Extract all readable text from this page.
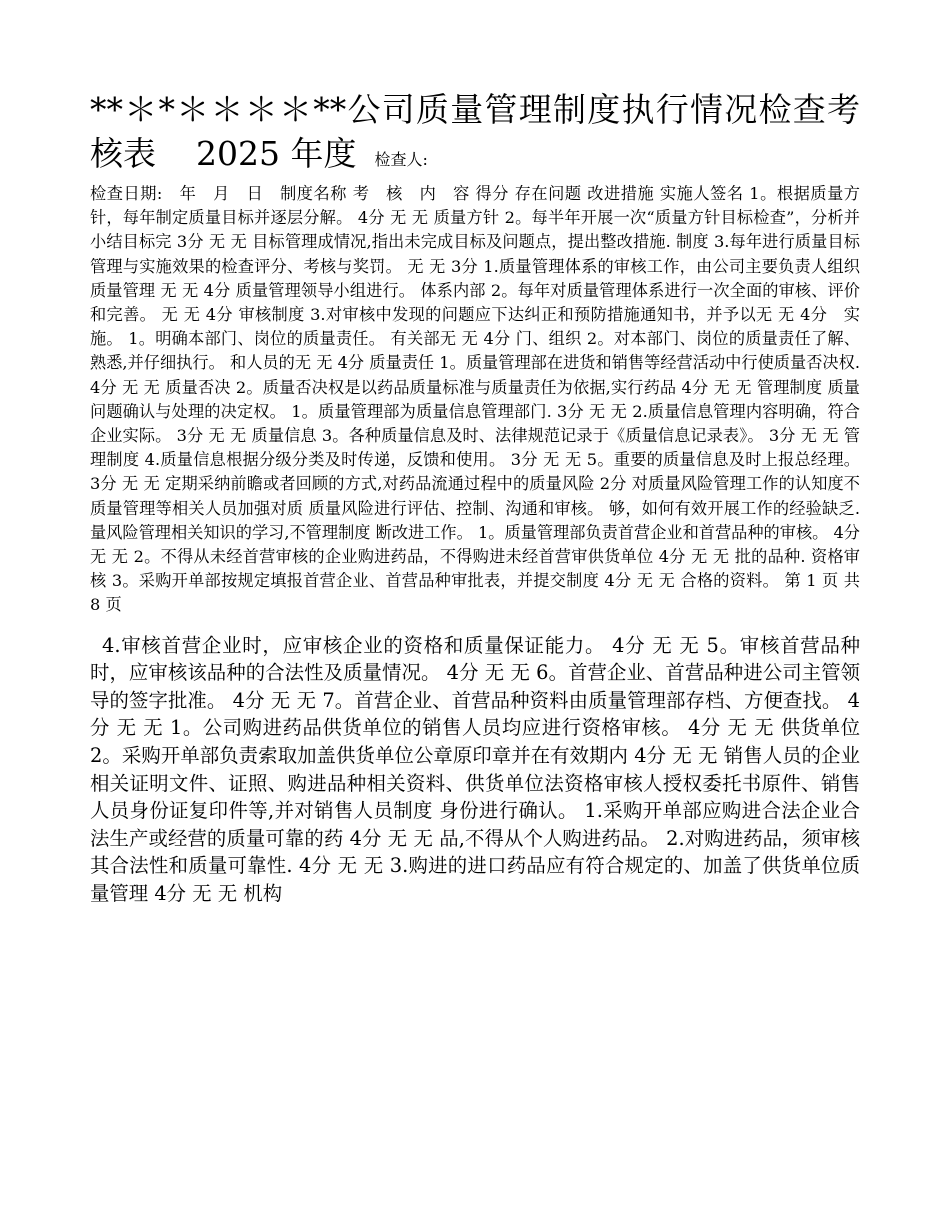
**＊*＊＊＊＊**公司质量管理制度执行情况检查考核表 2025 年度 检查人:

检查日期:　年　月　日　制度名称 考　核　内　容 得分 存在问题 改进措施 实施人签名 1。根据质量方针，每年制定质量目标并逐层分解。 4分 无 无 质量方针 2。每半年开展一次“质量方针目标检查”，分析并小结目标完 3分 无 无 目标管理成情况,指出未完成目标及问题点，提出整改措施. 制度 3.每年进行质量目标管理与实施效果的检查评分、考核与奖罚。 无 无 3分 1.质量管理体系的审核工作，由公司主要负责人组织质量管理 无 无 4分 质量管理领导小组进行。 体系内部 2。每年对质量管理体系进行一次全面的审核、评价和完善。 无 无 4分 审核制度 3.对审核中发现的问题应下达纠正和预防措施通知书，并予以无 无 4分　实施。 1。明确本部门、岗位的质量责任。 有关部无 无 4分 门、组织 2。对本部门、岗位的质量责任了解、熟悉,并仔细执行。 和人员的无 无 4分 质量责任 1。质量管理部在进货和销售等经营活动中行使质量否决权. 4分 无 无 质量否决 2。质量否决权是以药品质量标准与质量责任为依据,实行药品 4分 无 无 管理制度 质量问题确认与处理的决定权。 1。质量管理部为质量信息管理部门. 3分 无 无 2.质量信息管理内容明确，符合企业实际。 3分 无 无 质量信息 3。各种质量信息及时、法律规范记录于《质量信息记录表》。 3分 无 无 管理制度 4.质量信息根据分级分类及时传递，反馈和使用。 3分 无 无 5。重要的质量信息及时上报总经理。 3分 无 无 定期采纳前瞻或者回顾的方式,对药品流通过程中的质量风险 2分 对质量风险管理工作的认知度不质量管理等相关人员加强对质 质量风险进行评估、控制、沟通和审核。 够，如何有效开展工作的经验缺乏. 量风险管理相关知识的学习,不管理制度 断改进工作。 1。质量管理部负责首营企业和首营品种的审核。 4分 无 无 2。不得从未经首营审核的企业购进药品，不得购进未经首营审供货单位 4分 无 无 批的品种. 资格审核 3。采购开单部按规定填报首营企业、首营品种审批表，并提交制度 4分 无 无 合格的资料。 第 1 页 共 8 页

4.审核首营企业时，应审核企业的资格和质量保证能力。 4分 无 无 5。审核首营品种时，应审核该品种的合法性及质量情况。 4分 无 无 6。首营企业、首营品种进公司主管领导的签字批准。 4分 无 无 7。首营企业、首营品种资料由质量管理部存档、方便查找。 4分 无 无 1。公司购进药品供货单位的销售人员均应进行资格审核。 4分 无 无 供货单位 2。采购开单部负责索取加盖供货单位公章原印章并在有效期内 4分 无 无 销售人员的企业相关证明文件、证照、购进品种相关资料、供货单位法资格审核人授权委托书原件、销售人员身份证复印件等,并对销售人员制度 身份进行确认。 1.采购开单部应购进合法企业合法生产或经营的质量可靠的药 4分 无 无 品,不得从个人购进药品。 2.对购进药品，须审核其合法性和质量可靠性. 4分 无 无 3.购进的进口药品应有符合规定的、加盖了供货单位质量管理 4分 无 无 机构
